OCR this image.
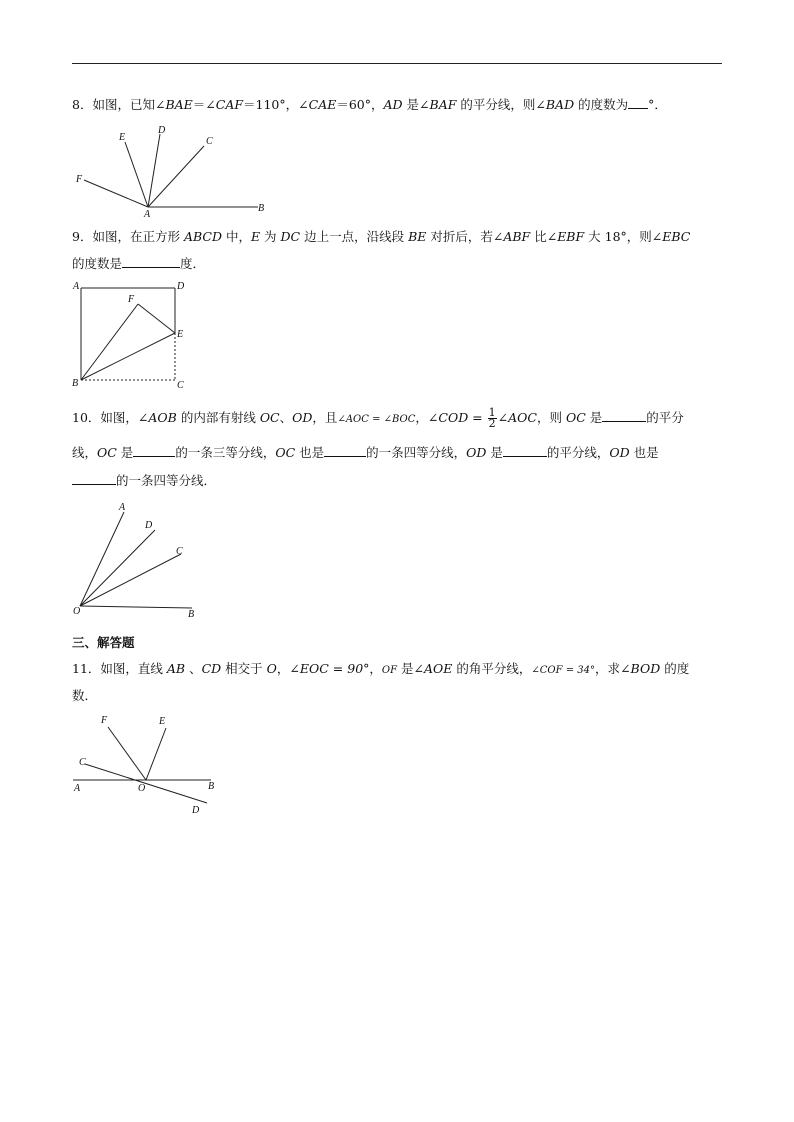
8．如图，已知∠BAE＝∠CAF＝110°，∠CAE＝60°，AD 是∠BAF 的平分线，则∠BAD 的度数为 °．
9．如图，在正方形 ABCD 中，E 为 DC 边上一点，沿线段 BE 对折后，若∠ABF 比∠EBF 大 18°，则∠EBC
的度数是	度．
10．如图，∠AOB 的内部有射线 OC、OD，且∠AOC = ∠BOC，∠COD = $\frac{1}{2}$ ∠AOC，则 OC 是	的平分
线，OC 是	的一条三等分线，OC 也是	的一条四等分线，OD 是	的平分线，OD 也是
的一条四等分线．
三、解答题
11．如图，直线 AB 、CD 相交于 O，∠EOC = 90°，OF 是∠AOE 的角平分线，∠COF = 34°，求∠BOD 的度
数．
E
D
C
F
A
B
A	D
F
E
B	C
A
D
C
O	B
F	E
C
A	O	B
D
